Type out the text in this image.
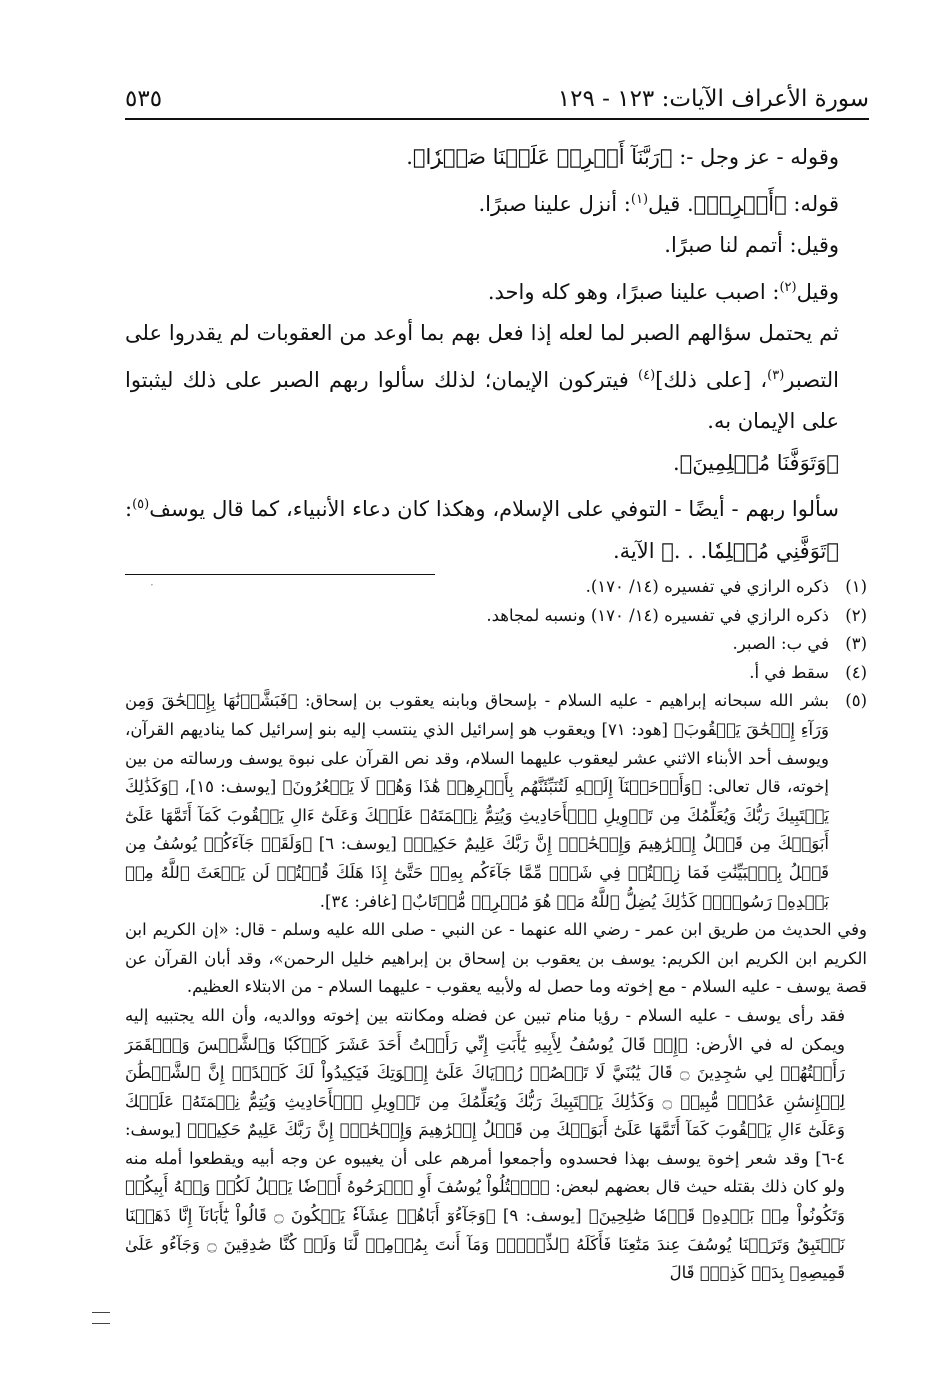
سورة الأعراف الآيات: ١٢٣ - ١٢٩
٥٣٥

وقوله - عز وجل -: ﴿رَبَّنَآ أَفۡرِغۡ عَلَيۡنَا صَبۡرٗا﴾.

قوله: ﴿أَفۡرِغۡ﴾. قيل$^{(١)}$: أنزل علينا صبرًا.

وقيل: أتمم لنا صبرًا.

وقيل$^{(٢)}$: اصبب علينا صبرًا، وهو كله واحد.

ثم يحتمل سؤالهم الصبر لما لعله إذا فعل بهم بما أوعد من العقوبات لم يقدروا على التصبر$^{(٣)}$، [على ذلك]$^{(٤)}$ فيتركون الإيمان؛ لذلك سألوا ربهم الصبر على ذلك ليثبتوا على الإيمان به.

﴿وَتَوَفَّنَا مُسۡلِمِينَ﴾.

سألوا ربهم - أيضًا - التوفي على الإسلام، وهكذا كان دعاء الأنبياء، كما قال يوسف$^{(٥)}$: ﴿تَوَفَّنِي مُسۡلِمٗا. . .﴾ الآية.

·	(١)
ذكره الرازي في تفسيره (١٤/ ١٧٠).
(٢)
ذكره الرازي في تفسيره (١٤/ ١٧٠) ونسبه لمجاهد.
(٣)
في ب: الصبر.
(٤)
سقط في أ.
(٥)

بشر الله سبحانه إبراهيم - عليه السلام - بإسحاق وبابنه يعقوب بن إسحاق: ﴿فَبَشَّرۡنَٰهَا بِإِسۡحَٰقَ وَمِن وَرَآءِ إِسۡحَٰقَ يَعۡقُوبَ﴾ [هود: ٧١] ويعقوب هو إسرائيل الذي ينتسب إليه بنو إسرائيل كما يناديهم القرآن، ويوسف أحد الأبناء الاثني عشر ليعقوب عليهما السلام، وقد نص القرآن على نبوة يوسف ورسالته من بين إخوته، قال تعالى: ﴿وَأَوۡحَيۡنَآ إِلَيۡهِ لَتُنَبِّئَنَّهُم بِأَمۡرِهِمۡ هَٰذَا وَهُمۡ لَا يَشۡعُرُونَ﴾ [يوسف: ١٥]، ﴿وَكَذَٰلِكَ يَجۡتَبِيكَ رَبُّكَ وَيُعَلِّمُكَ مِن تَأۡوِيلِ ٱلۡأَحَادِيثِ وَيُتِمُّ نِعۡمَتَهُۥ عَلَيۡكَ وَعَلَىٰٓ ءَالِ يَعۡقُوبَ كَمَآ أَتَمَّهَا عَلَىٰٓ أَبَوَيۡكَ مِن قَبۡلُ إِبۡرَٰهِيمَ وَإِسۡحَٰقَۚ إِنَّ رَبَّكَ عَلِيمٌ حَكِيمٞ﴾ [يوسف: ٦] ﴿وَلَقَدۡ جَآءَكُمۡ يُوسُفُ مِن قَبۡلُ بِٱلۡبَيِّنَٰتِ فَمَا زِلۡتُمۡ فِي شَكّٖ مِّمَّا جَآءَكُم بِهِۦۖ حَتَّىٰٓ إِذَا هَلَكَ قُلۡتُمۡ لَن يَبۡعَثَ ٱللَّهُ مِنۢ بَعۡدِهِۦ رَسُولٗاۚ كَذَٰلِكَ يُضِلُّ ٱللَّهُ مَنۡ هُوَ مُسۡرِفٞ مُّرۡتَابٌ﴾ [غافر: ٣٤].

وفي الحديث من طريق ابن عمر - رضي الله عنهما - عن النبي - صلى الله عليه وسلم - قال: «إن الكريم ابن الكريم ابن الكريم ابن الكريم: يوسف بن يعقوب بن إسحاق بن إبراهيم خليل الرحمن»، وقد أبان القرآن عن قصة يوسف - عليه السلام - مع إخوته وما حصل له ولأبيه يعقوب - عليهما السلام - من الابتلاء العظيم.

فقد رأى يوسف - عليه السلام - رؤيا منام تبين عن فضله ومكانته بين إخوته ووالديه، وأن الله يجتبيه إليه ويمكن له في الأرض: ﴿إِذۡ قَالَ يُوسُفُ لِأَبِيهِ يَٰٓأَبَتِ إِنِّي رَأَيۡتُ أَحَدَ عَشَرَ كَوۡكَبٗا وَٱلشَّمۡسَ وَٱلۡقَمَرَ رَأَيۡتُهُمۡ لِي سَٰجِدِينَ ۝ قَالَ يَٰبُنَيَّ لَا تَقۡصُصۡ رُءۡيَاكَ عَلَىٰٓ إِخۡوَتِكَ فَيَكِيدُواْ لَكَ كَيۡدًاۖ إِنَّ ٱلشَّيۡطَٰنَ لِلۡإِنسَٰنِ عَدُوّٞ مُّبِينٞ ۝ وَكَذَٰلِكَ يَجۡتَبِيكَ رَبُّكَ وَيُعَلِّمُكَ مِن تَأۡوِيلِ ٱلۡأَحَادِيثِ وَيُتِمُّ نِعۡمَتَهُۥ عَلَيۡكَ وَعَلَىٰٓ ءَالِ يَعۡقُوبَ كَمَآ أَتَمَّهَا عَلَىٰٓ أَبَوَيۡكَ مِن قَبۡلُ إِبۡرَٰهِيمَ وَإِسۡحَٰقَۚ إِنَّ رَبَّكَ عَلِيمٌ حَكِيمٞ﴾ [يوسف: ٤-٦] وقد شعر إخوة يوسف بهذا فحسدوه وأجمعوا أمرهم على أن يغيبوه عن وجه أبيه ويقطعوا أمله منه ولو كان ذلك بقتله حيث قال بعضهم لبعض: ﴿ٱقۡتُلُواْ يُوسُفَ أَوِ ٱطۡرَحُوهُ أَرۡضٗا يَخۡلُ لَكُمۡ وَجۡهُ أَبِيكُمۡ وَتَكُونُواْ مِنۢ بَعۡدِهِۦ قَوۡمٗا صَٰلِحِينَ﴾ [يوسف: ٩] ﴿وَجَآءُوٓ أَبَاهُمۡ عِشَآءٗ يَبۡكُونَ ۝ قَالُواْ يَٰٓأَبَانَآ إِنَّا ذَهَبۡنَا نَسۡتَبِقُ وَتَرَكۡنَا يُوسُفَ عِندَ مَتَٰعِنَا فَأَكَلَهُ ٱلذِّئۡبُۖ وَمَآ أَنتَ بِمُؤۡمِنٖ لَّنَا وَلَوۡ كُنَّا صَٰدِقِينَ ۝ وَجَآءُو عَلَىٰ قَمِيصِهِۦ بِدَمٖ كَذِبٖۚ قَالَ
